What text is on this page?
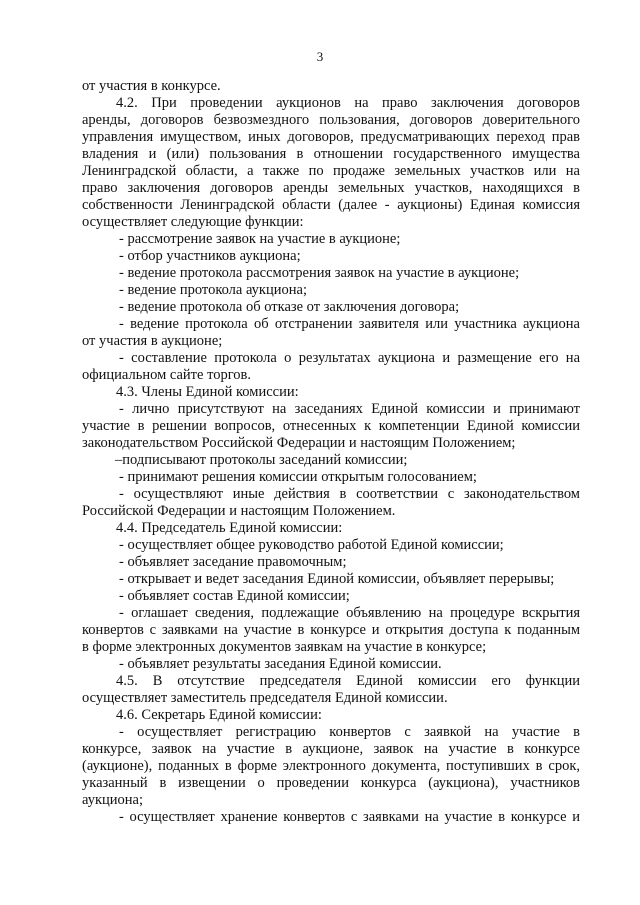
3
от участия в конкурсе.
4.2. При проведении аукционов на право заключения договоров
аренды, договоров безвозмездного пользования, договоров доверительного
управления имуществом, иных договоров, предусматривающих переход прав
владения и (или) пользования в отношении государственного имущества
Ленинградской области, а также по продаже земельных участков или на
право заключения договоров аренды земельных участков, находящихся в
собственности Ленинградской области (далее - аукционы) Единая комиссия
осуществляет следующие функции:
- рассмотрение заявок на участие в аукционе;
- отбор участников аукциона;
- ведение протокола рассмотрения заявок на участие в аукционе;
- ведение протокола аукциона;
- ведение протокола об отказе от заключения договора;
- ведение протокола об отстранении заявителя или участника аукциона
от участия в аукционе;
- составление протокола о результатах аукциона и размещение его на
официальном сайте торгов.
4.3. Члены Единой комиссии:
- лично присутствуют на заседаниях Единой комиссии и принимают
участие в решении вопросов, отнесенных к компетенции Единой комиссии
законодательством Российской Федерации и настоящим Положением;
–подписывают протоколы заседаний комиссии;
- принимают решения комиссии открытым голосованием;
- осуществляют иные действия в соответствии с законодательством
Российской Федерации и настоящим Положением.
4.4. Председатель Единой комиссии:
- осуществляет общее руководство работой Единой комиссии;
- объявляет заседание правомочным;
- открывает и ведет заседания Единой комиссии, объявляет перерывы;
- объявляет состав Единой комиссии;
- оглашает сведения, подлежащие объявлению на процедуре вскрытия
конвертов с заявками на участие в конкурсе и открытия доступа к поданным
в форме электронных документов заявкам на участие в конкурсе;
- объявляет результаты заседания Единой комиссии.
4.5. В отсутствие председателя Единой комиссии его функции
осуществляет заместитель председателя Единой комиссии.
4.6. Секретарь Единой комиссии:
- осуществляет регистрацию конвертов с заявкой на участие в
конкурсе, заявок на участие в аукционе, заявок на участие в конкурсе
(аукционе), поданных в форме электронного документа, поступивших в срок,
указанный в извещении о проведении конкурса (аукциона), участников
аукциона;
- осуществляет хранение конвертов с заявками на участие в конкурсе и
